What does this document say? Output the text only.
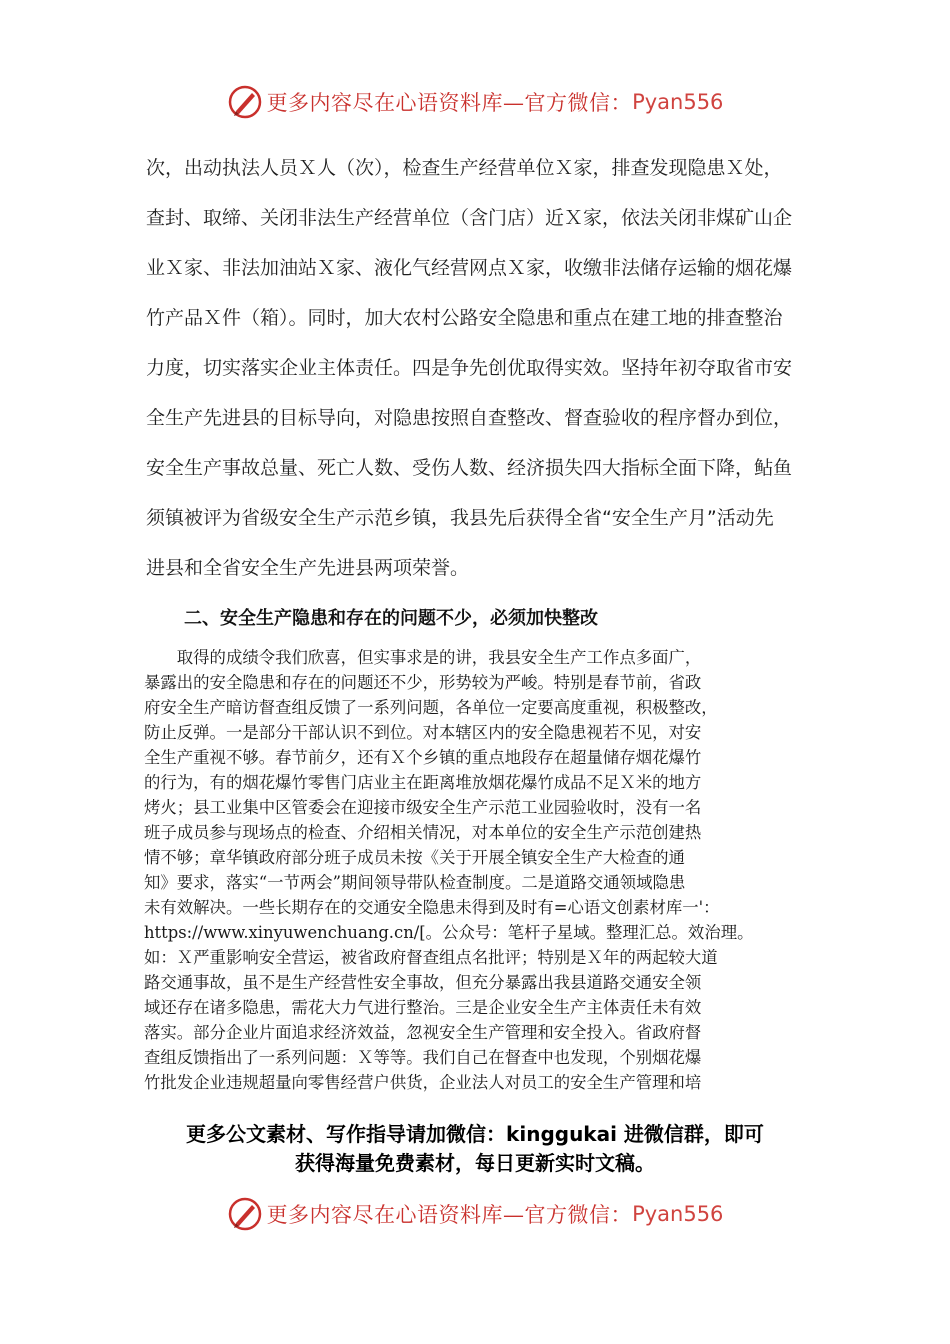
更多内容尽在心语资料库—官方微信： Pyan556
次，出动执法人员Ｘ人（次），检查生产经营单位Ｘ家，排查发现隐患Ｘ处，
查封、取缔、关闭非法生产经营单位（含门店）近Ｘ家，依法关闭非煤矿山企
业Ｘ家、非法加油站Ｘ家、液化气经营网点Ｘ家，收缴非法储存运输的烟花爆
竹产品Ｘ件（箱）。同时，加大农村公路安全隐患和重点在建工地的排查整治
力度，切实落实企业主体责任。四是争先创优取得实效。坚持年初夺取省市安
全生产先进县的目标导向，对隐患按照自查整改、督查验收的程序督办到位，
安全生产事故总量、死亡人数、受伤人数、经济损失四大指标全面下降，鲇鱼
须镇被评为省级安全生产示范乡镇，我县先后获得全省“安全生产月”活动先
进县和全省安全生产先进县两项荣誉。
二、安全生产隐患和存在的问题不少，必须加快整改
　　取得的成绩令我们欣喜，但实事求是的讲，我县安全生产工作点多面广，
暴露出的安全隐患和存在的问题还不少，形势较为严峻。特别是春节前，省政
府安全生产暗访督查组反馈了一系列问题，各单位一定要高度重视，积极整改，
防止反弹。一是部分干部认识不到位。对本辖区内的安全隐患视若不见，对安
全生产重视不够。春节前夕，还有Ｘ个乡镇的重点地段存在超量储存烟花爆竹
的行为，有的烟花爆竹零售门店业主在距离堆放烟花爆竹成品不足Ｘ米的地方
烤火；县工业集中区管委会在迎接市级安全生产示范工业园验收时，没有一名
班子成员参与现场点的检查、介绍相关情况，对本单位的安全生产示范创建热
情不够；章华镇政府部分班子成员未按《关于开展全镇安全生产大检查的通
知》要求，落实“一节两会”期间领导带队检查制度。二是道路交通领域隐患
未有效解决。一些长期存在的交通安全隐患未得到及时有=心语文创素材库一'：
https://www.xinyuwenchuang.cn/[。公众号：笔杆子星域。整理汇总。效治理。
如：Ｘ严重影响安全营运，被省政府督查组点名批评；特别是Ｘ年的两起较大道
路交通事故，虽不是生产经营性安全事故，但充分暴露出我县道路交通安全领
域还存在诸多隐患，需花大力气进行整治。三是企业安全生产主体责任未有效
落实。部分企业片面追求经济效益，忽视安全生产管理和安全投入。省政府督
查组反馈指出了一系列问题：Ｘ等等。我们自己在督查中也发现，个别烟花爆
竹批发企业违规超量向零售经营户供货，企业法人对员工的安全生产管理和培
更多公文素材、写作指导请加微信：kinggukai 进微信群，即可
获得海量免费素材，每日更新实时文稿。
更多内容尽在心语资料库—官方微信： Pyan556
